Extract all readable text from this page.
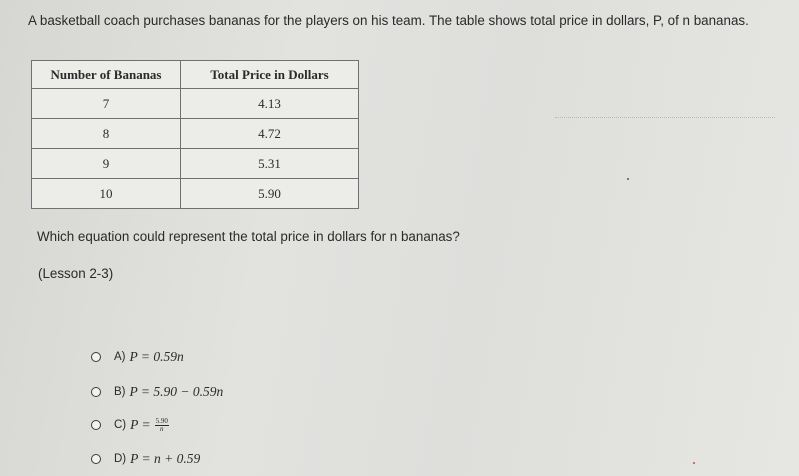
A basketball coach purchases bananas for the players on his team. The table shows total price in dollars, P, of n bananas.
Number of Bananas	Total Price in Dollars
7	4.13
8	4.72
9	5.31
10	5.90
Which equation could represent the total price in dollars for n bananas?
(Lesson 2-3)
A) P = 0.59n
B) P = 5.90 − 0.59n
C) $P = \frac{5.90}{n}$
D) P = n + 0.59
